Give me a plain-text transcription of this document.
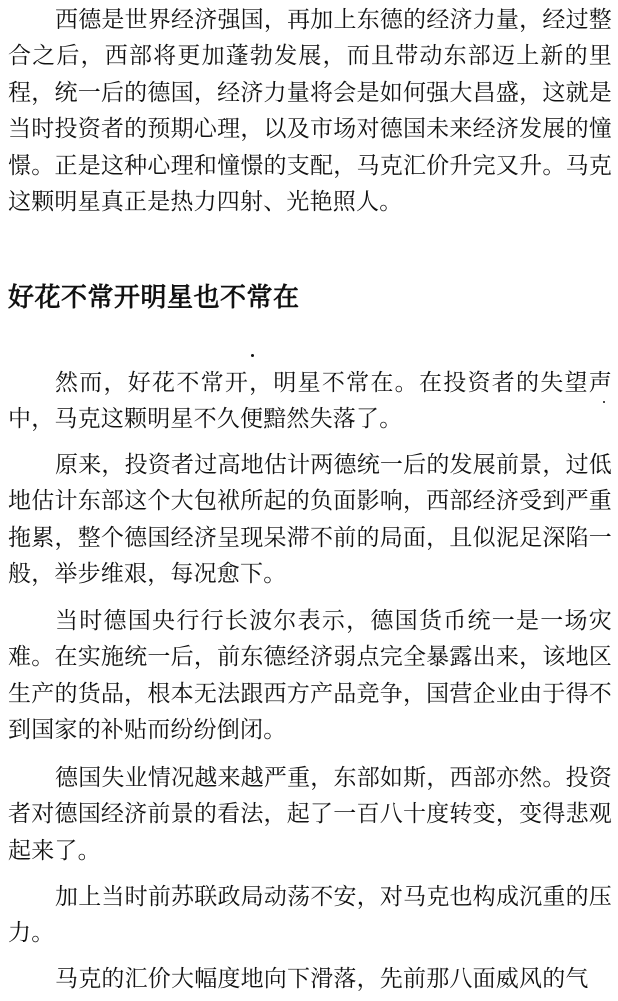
西德是世界经济强国，再加上东德的经济力量，经过整合之后，西部将更加蓬勃发展，而且带动东部迈上新的里程，统一后的德国，经济力量将会是如何强大昌盛，这就是当时投资者的预期心理，以及市场对德国未来经济发展的憧憬。正是这种心理和憧憬的支配，马克汇价升完又升。马克这颗明星真正是热力四射、光艳照人。

好花不常开明星也不常在

然而，好花不常开，明星不常在。在投资者的失望声中，马克这颗明星不久便黯然失落了。

原来，投资者过高地估计两德统一后的发展前景，过低地估计东部这个大包袱所起的负面影响，西部经济受到严重拖累，整个德国经济呈现呆滞不前的局面，且似泥足深陷一般，举步维艰，每况愈下。

当时德国央行行长波尔表示，德国货币统一是一场灾难。在实施统一后，前东德经济弱点完全暴露出来，该地区生产的货品，根本无法跟西方产品竞争，国营企业由于得不到国家的补贴而纷纷倒闭。

德国失业情况越来越严重，东部如斯，西部亦然。投资者对德国经济前景的看法，起了一百八十度转变，变得悲观起来了。

加上当时前苏联政局动荡不安，对马克也构成沉重的压力。

马克的汇价大幅度地向下滑落，先前那八面威风的气
